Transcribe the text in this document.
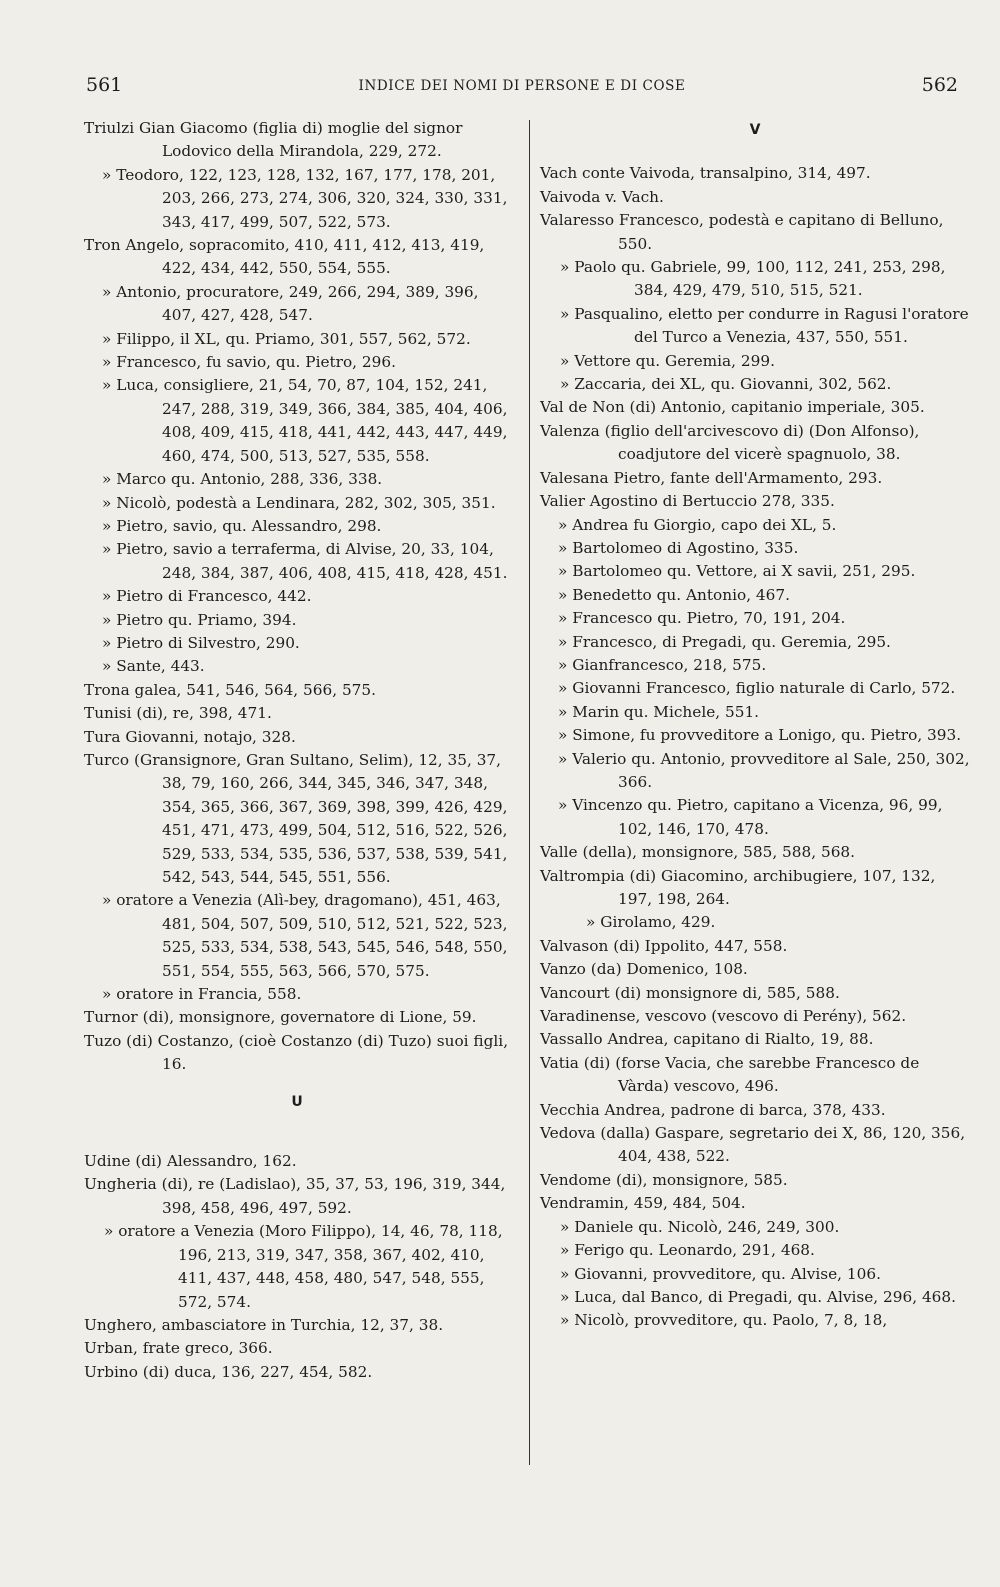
561	INDICE DEI NOMI DI PERSONE E DI COSE	562

Triulzi Gian Giacomo (figlia di) moglie del signor Lodovico della Mirandola, 229, 272.

» Teodoro, 122, 123, 128, 132, 167, 177, 178, 201, 203, 266, 273, 274, 306, 320, 324, 330, 331, 343, 417, 499, 507, 522, 573.

Tron Angelo, sopracomito, 410, 411, 412, 413, 419, 422, 434, 442, 550, 554, 555.

» Antonio, procuratore, 249, 266, 294, 389, 396, 407, 427, 428, 547.

» Filippo, il XL, qu. Priamo, 301, 557, 562, 572.

» Francesco, fu savio, qu. Pietro, 296.

» Luca, consigliere, 21, 54, 70, 87, 104, 152, 241, 247, 288, 319, 349, 366, 384, 385, 404, 406, 408, 409, 415, 418, 441, 442, 443, 447, 449, 460, 474, 500, 513, 527, 535, 558.

» Marco qu. Antonio, 288, 336, 338.

» Nicolò, podestà a Lendinara, 282, 302, 305, 351.

» Pietro, savio, qu. Alessandro, 298.

» Pietro, savio a terraferma, di Alvise, 20, 33, 104, 248, 384, 387, 406, 408, 415, 418, 428, 451.

» Pietro di Francesco, 442.

» Pietro qu. Priamo, 394.

» Pietro di Silvestro, 290.

» Sante, 443.

Trona galea, 541, 546, 564, 566, 575.

Tunisi (di), re, 398, 471.

Tura Giovanni, notajo, 328.

Turco (Gransignore, Gran Sultano, Selim), 12, 35, 37, 38, 79, 160, 266, 344, 345, 346, 347, 348, 354, 365, 366, 367, 369, 398, 399, 426, 429, 451, 471, 473, 499, 504, 512, 516, 522, 526, 529, 533, 534, 535, 536, 537, 538, 539, 541, 542, 543, 544, 545, 551, 556.

» oratore a Venezia (Alì-bey, dragomano), 451, 463, 481, 504, 507, 509, 510, 512, 521, 522, 523, 525, 533, 534, 538, 543, 545, 546, 548, 550, 551, 554, 555, 563, 566, 570, 575.

» oratore in Francia, 558.

Turnor (di), monsignore, governatore di Lione, 59.

Tuzo (di) Costanzo, (cioè Costanzo (di) Tuzo) suoi figli, 16.

U

Udine (di) Alessandro, 162.

Ungheria (di), re (Ladislao), 35, 37, 53, 196, 319, 344, 398, 458, 496, 497, 592.

» oratore a Venezia (Moro Filippo), 14, 46, 78, 118, 196, 213, 319, 347, 358, 367, 402, 410, 411, 437, 448, 458, 480, 547, 548, 555, 572, 574.

Unghero, ambasciatore in Turchia, 12, 37, 38.

Urban, frate greco, 366.

Urbino (di) duca, 136, 227, 454, 582.

V

Vach conte Vaivoda, transalpino, 314, 497.

Vaivoda v. Vach.

Valaresso Francesco, podestà e capitano di Belluno, 550.

» Paolo qu. Gabriele, 99, 100, 112, 241, 253, 298, 384, 429, 479, 510, 515, 521.

» Pasqualino, eletto per condurre in Ragusi l'oratore del Turco a Venezia, 437, 550, 551.

» Vettore qu. Geremia, 299.

» Zaccaria, dei XL, qu. Giovanni, 302, 562.

Val de Non (di) Antonio, capitanio imperiale, 305.

Valenza (figlio dell'arcivescovo di) (Don Alfonso), coadjutore del vicerè spagnuolo, 38.

Valesana Pietro, fante dell'Armamento, 293.

Valier Agostino di Bertuccio 278, 335.

» Andrea fu Giorgio, capo dei XL, 5.

» Bartolomeo di Agostino, 335.

» Bartolomeo qu. Vettore, ai X savii, 251, 295.

» Benedetto qu. Antonio, 467.

» Francesco qu. Pietro, 70, 191, 204.

» Francesco, di Pregadi, qu. Geremia, 295.

» Gianfrancesco, 218, 575.

» Giovanni Francesco, figlio naturale di Carlo, 572.

» Marin qu. Michele, 551.

» Simone, fu provveditore a Lonigo, qu. Pietro, 393.

» Valerio qu. Antonio, provveditore al Sale, 250, 302, 366.

» Vincenzo qu. Pietro, capitano a Vicenza, 96, 99, 102, 146, 170, 478.

Valle (della), monsignore, 585, 588, 568.

Valtrompia (di) Giacomino, archibugiere, 107, 132, 197, 198, 264.

» Girolamo, 429.

Valvason (di) Ippolito, 447, 558.

Vanzo (da) Domenico, 108.

Vancourt (di) monsignore di, 585, 588.

Varadinense, vescovo (vescovo di Perény), 562.

Vassallo Andrea, capitano di Rialto, 19, 88.

Vatia (di) (forse Vacia, che sarebbe Francesco de Vàrda) vescovo, 496.

Vecchia Andrea, padrone di barca, 378, 433.

Vedova (dalla) Gaspare, segretario dei X, 86, 120, 356, 404, 438, 522.

Vendome (di), monsignore, 585.

Vendramin, 459, 484, 504.

» Daniele qu. Nicolò, 246, 249, 300.

» Ferigo qu. Leonardo, 291, 468.

» Giovanni, provveditore, qu. Alvise, 106.

» Luca, dal Banco, di Pregadi, qu. Alvise, 296, 468.

» Nicolò, provveditore, qu. Paolo, 7, 8, 18,
